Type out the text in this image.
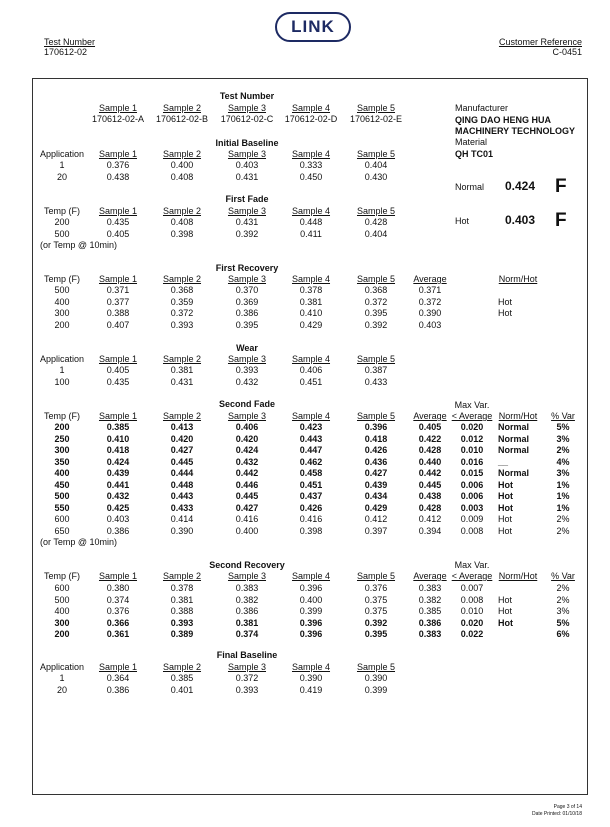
LINK
Test Number
170612-02
Customer Reference
C-0451
Test Number
Sample 1
170612-02-A
Sample 2
170612-02-B
Sample 3
170612-02-C
Sample 4
170612-02-D
Sample 5
170612-02-E
Manufacturer
QING DAO HENG HUA
MACHINERY TECHNOLOGY
Material
QH TC01
Normal 0.424 F
Hot	0.403 F
Initial Baseline
Application Sample 1	Sample 2	Sample 3	Sample 4	Sample 5
1	0.376	0.400	0.403	0.333	0.404
20	0.438	0.408	0.431	0.450	0.430
First Fade
Temp (F) Sample 1	Sample 2	Sample 3	Sample 4	Sample 5
200	0.435	0.408	0.431	0.448	0.428
500	0.405	0.398	0.392	0.411	0.404
(or Temp @ 10min)
First Recovery
Temp (F) Sample 1	Sample 2	Sample 3	Sample 4	Sample 5 Average	Norm/Hot
500	0.371	0.368	0.370	0.378	0.368	0.371
400	0.377	0.359	0.369	0.381	0.372	0.372	Hot
300	0.388	0.372	0.386	0.410	0.395	0.390	Hot
200	0.407	0.393	0.395	0.429	0.392	0.403
Wear
Application Sample 1	Sample 2	Sample 3	Sample 4	Sample 5
1	0.405	0.381	0.393	0.406	0.387
100	0.435	0.431	0.432	0.451	0.433
Second Fade
Temp (F) Sample 1	Sample 2	Sample 3	Sample 4	Sample 5 Average
Max Var.
< Average Norm/Hot % Var
200	0.385	0.413	0.406	0.423	0.396	0.405 0.020 Normal	5%
250	0.410	0.420	0.420	0.443	0.418	0.422 0.012 Normal	3%
300	0.418	0.427	0.424	0.447	0.426	0.428 0.010 Normal	2%
350	0.424	0.445	0.432	0.462	0.436	0.440 0.016 __	4%
400	0.439	0.444	0.442	0.458	0.427	0.442 0.015 Normal	3%
450	0.441	0.448	0.446	0.451	0.439	0.445 0.006 Hot	1%
500	0.432	0.443	0.445	0.437	0.434	0.438 0.006 Hot	1%
550	0.425	0.433	0.427	0.426	0.429	0.428 0.003 Hot	1%
600	0.403	0.414	0.416	0.416	0.412	0.412 0.009 Hot	2%
650	0.386	0.390	0.400	0.398	0.397	0.394 0.008 Hot	2%
(or Temp @ 10min)
Second Recovery
Temp (F) Sample 1	Sample 2	Sample 3	Sample 4	Sample 5 Average
Max Var.
< Average Norm/Hot % Var
600	0.380	0.378	0.383	0.396	0.376	0.383 0.007	2%
500	0.374	0.381	0.382	0.400	0.375	0.382 0.008 Hot	2%
400	0.376	0.388	0.386	0.399	0.375	0.385 0.010 Hot	3%
300	0.366	0.393	0.381	0.396	0.392	0.386 0.020 Hot	5%
200	0.361	0.389	0.374	0.396	0.395	0.383 0.022	6%
Final Baseline
Application Sample 1	Sample 2	Sample 3	Sample 4	Sample 5
1	0.364	0.385	0.372	0.390	0.390
20	0.386	0.401	0.393	0.419	0.399
Page 3 of 14
Date Printed: 01/10/18
